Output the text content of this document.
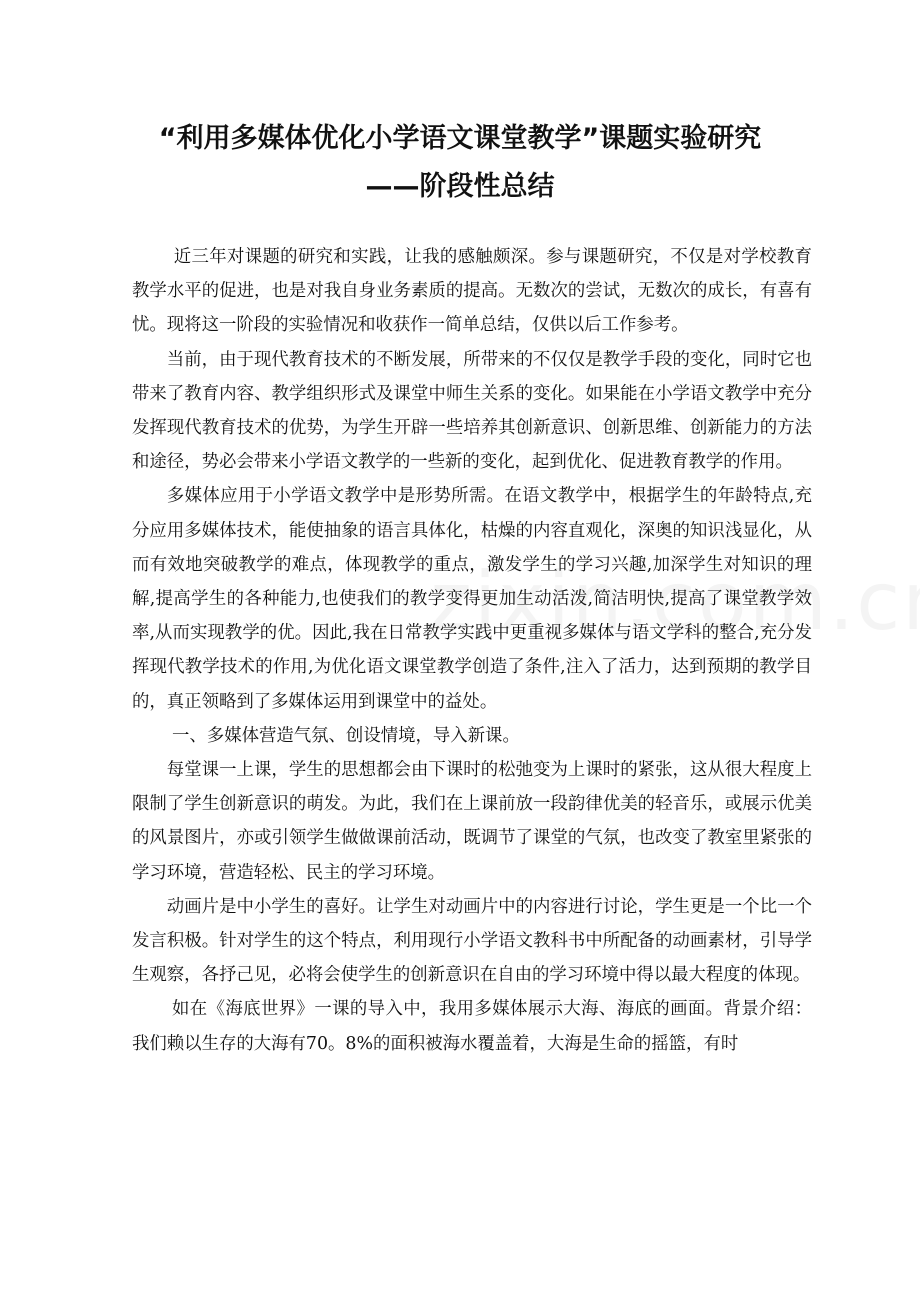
“利用多媒体优化小学语文课堂教学”课题实验研究
——阶段性总结

近三年对课题的研究和实践，让我的感触颇深。参与课题研究，不仅是对学校教育教学水平的促进，也是对我自身业务素质的提高。无数次的尝试，无数次的成长，有喜有忧。现将这一阶段的实验情况和收获作一简单总结，仅供以后工作参考。

当前，由于现代教育技术的不断发展，所带来的不仅仅是教学手段的变化，同时它也带来了教育内容、教学组织形式及课堂中师生关系的变化。如果能在小学语文教学中充分发挥现代教育技术的优势，为学生开辟一些培养其创新意识、创新思维、创新能力的方法和途径，势必会带来小学语文教学的一些新的变化，起到优化、促进教育教学的作用。

多媒体应用于小学语文教学中是形势所需。在语文教学中，根据学生的年龄特点,充分应用多媒体技术，能使抽象的语言具体化，枯燥的内容直观化，深奥的知识浅显化，从而有效地突破教学的难点，体现教学的重点，激发学生的学习兴趣,加深学生对知识的理解,提高学生的各种能力,也使我们的教学变得更加生动活泼,简洁明快,提高了课堂教学效率,从而实现教学的优。因此,我在日常教学实践中更重视多媒体与语文学科的整合,充分发挥现代教学技术的作用,为优化语文课堂教学创造了条件,注入了活力，达到预期的教学目的，真正领略到了多媒体运用到课堂中的益处。

一、多媒体营造气氛、创设情境，导入新课。

每堂课一上课，学生的思想都会由下课时的松弛变为上课时的紧张，这从很大程度上限制了学生创新意识的萌发。为此，我们在上课前放一段韵律优美的轻音乐，或展示优美的风景图片，亦或引领学生做做课前活动，既调节了课堂的气氛，也改变了教室里紧张的学习环境，营造轻松、民主的学习环境。

动画片是中小学生的喜好。让学生对动画片中的内容进行讨论，学生更是一个比一个发言积极。针对学生的这个特点，利用现行小学语文教科书中所配备的动画素材，引导学生观察，各抒己见，必将会使学生的创新意识在自由的学习环境中得以最大程度的体现。

如在《海底世界》一课的导入中，我用多媒体展示大海、海底的画面。背景介绍：我们赖以生存的大海有70。8%的面积被海水覆盖着，大海是生命的摇篮，有时
